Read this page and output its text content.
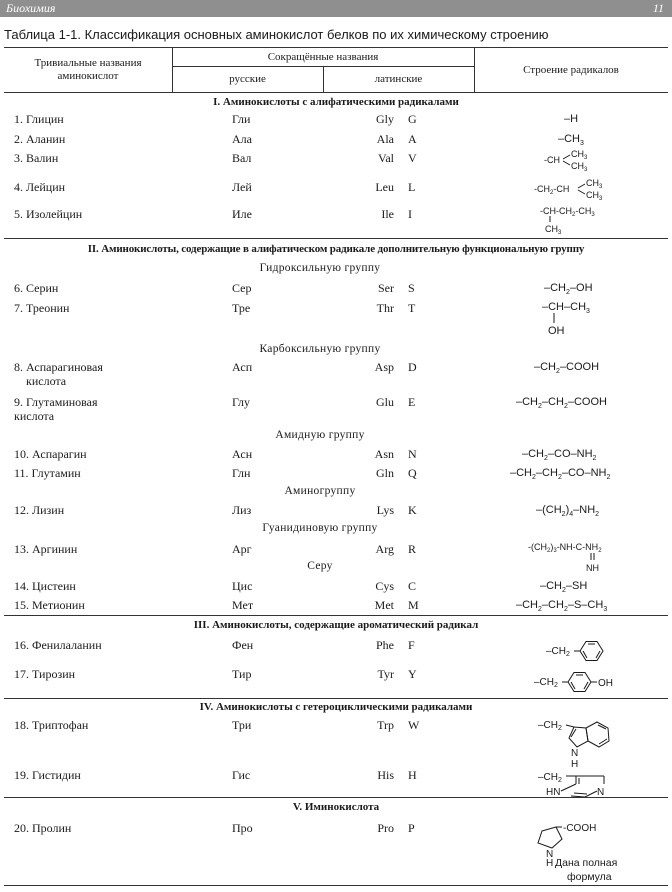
Биохимия	11
Таблица 1-1. Классификация основных аминокислот белков по их химическому строению
Тривиальные названия
аминокислот
Сокращённые названия
русские	латинские
Строение радикалов
I. Аминокислоты с алифатическими радикалами
1. Глицин	Гли	Gly G	–H
2. Аланин	Ала	Ala A	$-CH_3$
3. Валин	Вал	Val V	-CH
$CH_3$
$CH_3$
4. Лейцин	Лей	Leu L	$-CH_2-CH$
$CH_3$
$CH_3$
5. Изолейцин	Иле	Ile I	$-CH-CH_2-CH_3$
$CH_3$
II. Аминокислоты, содержащие в алифатическом радикале дополнительную функциональную группу
Гидроксильную группу
6. Серин	Сер	Ser S	$-CH_2-OH$
7. Треонин	Тре	Thr T	$-CH-CH_3$
OH
Карбоксильную группу
8. Аспарагиновая
кислота
Асп	Asp D	$-CH_2$–COOH
9. Глутаминовая
кислота
Глу	Glu E	$-CH_2-CH_2$–COOH
Амидную группу
10. Аспарагин	Асн	Asn N	$-CH_2-CO-NH_2$
11. Глутамин	Глн	Gln Q	$-CH_2-CH_2-CO-NH_2$
Аминогруппу
12. Лизин	Лиз	Lys K	$-(CH_2)_4-NH_2$
Гуанидиновую группу
13. Аргинин	Арг	Arg R	$-(CH_2)_3-NH-C-NH_2$
NH
Серу
14. Цистеин	Цис	Cys C	$-CH_2-SH$
15. Метионин	Мет	Met M	$-CH_2-CH_2-S-CH_3$
III. Аминокислоты, содержащие ароматический радикал
16. Фенилаланин	Фен	Phe F	$-CH_2$
17. Тирозин	Тир	Tyr Y
$-CH_2$	OH
IV. Аминокислоты с гетероциклическими радикалами
18. Триптофан	Три	Trp W	$-CH_2$
N
H
19. Гистидин	Гис	His H	$-CH_2$
HN	N
V. Иминокислота
20. Пролин	Про	Pro P	-COOH
N
Дана полная
формула
H
